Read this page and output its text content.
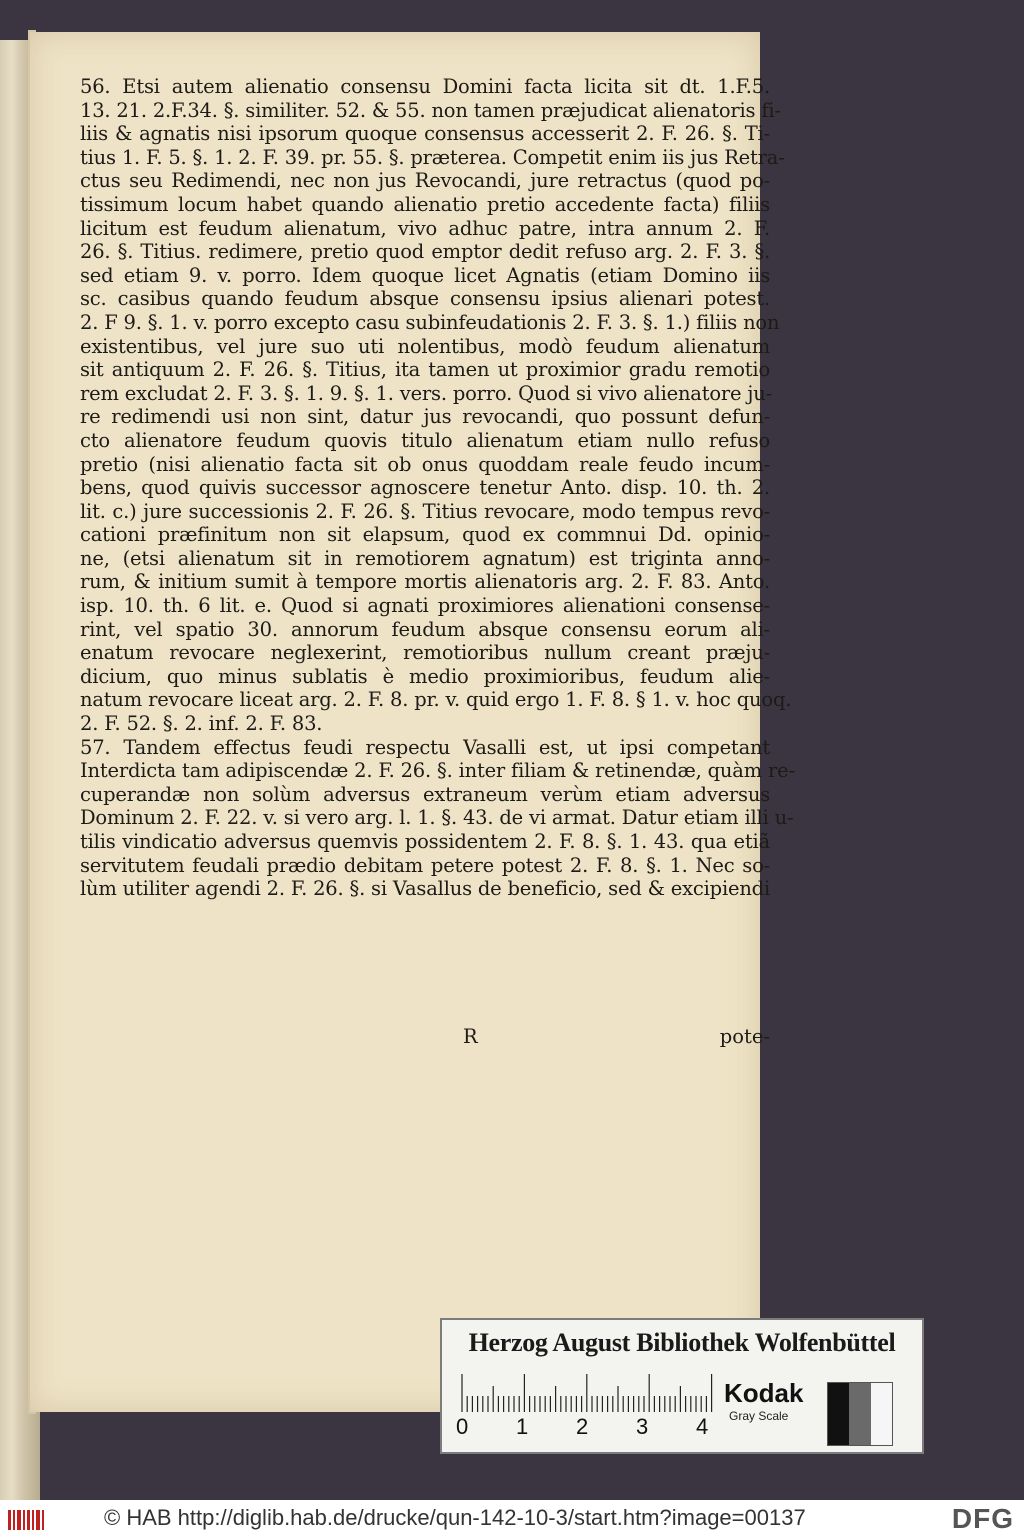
56. Etsi autem alienatio consensu Domini facta licita sit dt. 1.F.5.
13. 21. 2.F.34. §. similiter. 52. & 55. non tamen præjudicat alienatoris fi-
liis & agnatis nisi ipsorum quoque consensus accesserit 2. F. 26. §. Ti-
tius 1. F. 5. §. 1. 2. F. 39. pr. 55. §. præterea. Competit enim iis jus Retra-
ctus seu Redimendi, nec non jus Revocandi, jure retractus (quod po-
tissimum locum habet quando alienatio pretio accedente facta) filiis
licitum est feudum alienatum, vivo adhuc patre, intra annum 2. F.
26. §. Titius. redimere, pretio quod emptor dedit refuso arg. 2. F. 3. §.
sed etiam 9. v. porro. Idem quoque licet Agnatis (etiam Domino iis
sc. casibus quando feudum absque consensu ipsius alienari potest.
2. F 9. §. 1. v. porro excepto casu subinfeudationis 2. F. 3. §. 1.) filiis non
existentibus, vel jure suo uti nolentibus, modò feudum alienatum
sit antiquum 2. F. 26. §. Titius, ita tamen ut proximior gradu remotio
rem excludat 2. F. 3. §. 1. 9. §. 1. vers. porro. Quod si vivo alienatore ju-
re redimendi usi non sint, datur jus revocandi, quo possunt defun-
cto alienatore feudum quovis titulo alienatum etiam nullo refuso
pretio (nisi alienatio facta sit ob onus quoddam reale feudo incum-
bens, quod quivis successor agnoscere tenetur Anto. disp. 10. th. 2.
lit. c.) jure successionis 2. F. 26. §. Titius revocare, modo tempus revo-
cationi præfinitum non sit elapsum, quod ex commnui Dd. opinio-
ne, (etsi alienatum sit in remotiorem agnatum) est triginta anno-
rum, & initium sumit à tempore mortis alienatoris arg. 2. F. 83. Anto.
isp. 10. th. 6 lit. e. Quod si agnati proximiores alienationi consense-
rint, vel spatio 30. annorum feudum absque consensu eorum ali-
enatum revocare neglexerint, remotioribus nullum creant præju-
dicium, quo minus sublatis è medio proximioribus, feudum alie-
natum revocare liceat arg. 2. F. 8. pr. v. quid ergo 1. F. 8. § 1. v. hoc quoq.
2. F. 52. §. 2. inf. 2. F. 83.
57. Tandem effectus feudi respectu Vasalli est, ut ipsi competant
Interdicta tam adipiscendæ 2. F. 26. §. inter filiam & retinendæ, quàm re-
cuperandæ non solùm adversus extraneum verùm etiam adversus
Dominum 2. F. 22. v. si vero arg. l. 1. §. 43. de vi armat. Datur etiam illi u-
tilis vindicatio adversus quemvis possidentem 2. F. 8. §. 1. 43. qua etiã
servitutem feudali prædio debitam petere potest 2. F. 8. §. 1. Nec so-
lùm utiliter agendi 2. F. 26. §. si Vasallus de beneficio, sed & excipiendi
R	pote-
Herzog August Bibliothek Wolfenbüttel
0 1 2 3 4
Kodak
Gray Scale
© HAB http://diglib.hab.de/drucke/qun-142-10-3/start.htm?image=00137	DFG
